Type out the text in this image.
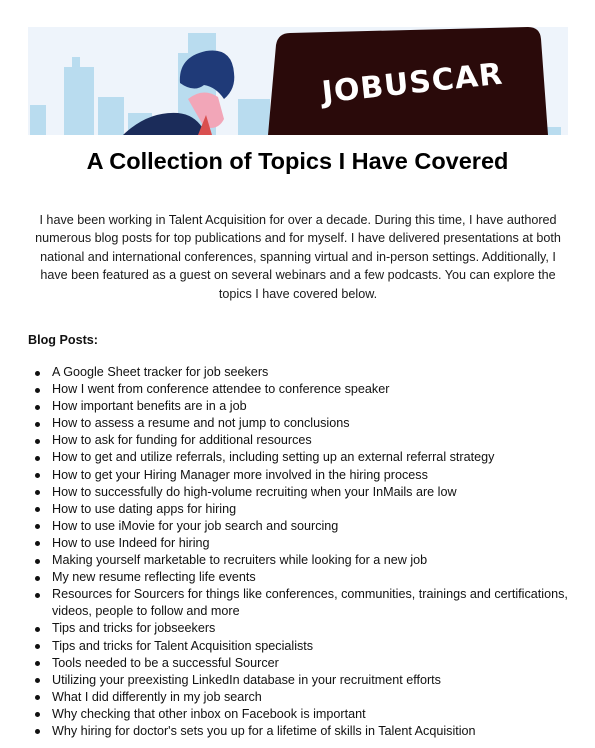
JOBUSCAR
A Collection of Topics I Have Covered

I have been working in Talent Acquisition for over a decade. During this time, I have authored numerous blog posts for top publications and for myself. I have delivered presentations at both national and international conferences, spanning virtual and in-person settings. Additionally, I have been featured as a guest on several webinars and a few podcasts. You can explore the topics I have covered below.

Blog Posts:
A Google Sheet tracker for job seekers
How I went from conference attendee to conference speaker
How important benefits are in a job
How to assess a resume and not jump to conclusions
How to ask for funding for additional resources
How to get and utilize referrals, including setting up an external referral strategy
How to get your Hiring Manager more involved in the hiring process
How to successfully do high-volume recruiting when your InMails are low
How to use dating apps for hiring
How to use iMovie for your job search and sourcing
How to use Indeed for hiring
Making yourself marketable to recruiters while looking for a new job
My new resume reflecting life events
Resources for Sourcers for things like conferences, communities, trainings and certifications, videos, people to follow and more
Tips and tricks for jobseekers
Tips and tricks for Talent Acquisition specialists
Tools needed to be a successful Sourcer
Utilizing your preexisting LinkedIn database in your recruitment efforts
What I did differently in my job search
Why checking that other inbox on Facebook is important
Why hiring for doctor's sets you up for a lifetime of skills in Talent Acquisition
